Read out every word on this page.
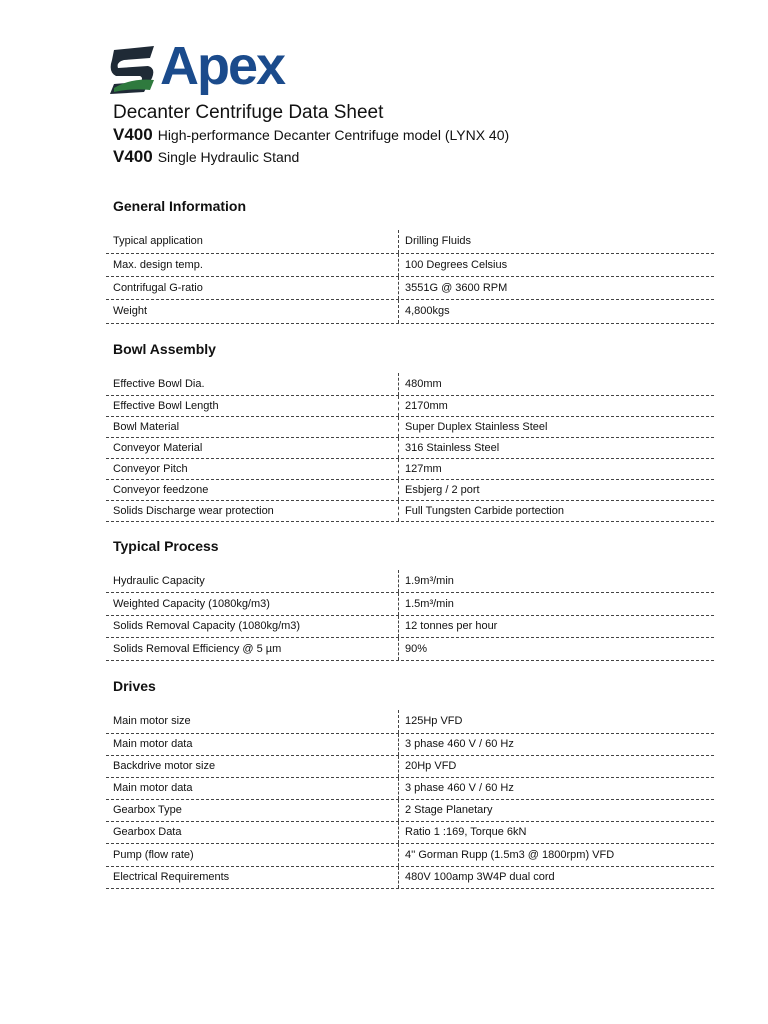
Apex
Decanter Centrifuge Data Sheet
V400 High-performance Decanter Centrifuge model (LYNX 40)
V400 Single Hydraulic Stand
General Information
Typical application	Drilling Fluids
Max. design temp.	100 Degrees Celsius
Contrifugal G-ratio	3551G @ 3600 RPM
Weight	4,800kgs
Bowl Assembly
Effective Bowl Dia.	480mm
Effective Bowl Length	2170mm
Bowl Material	Super Duplex Stainless Steel
Conveyor Material	316 Stainless Steel
Conveyor Pitch	127mm
Conveyor feedzone	Esbjerg / 2 port
Solids Discharge wear protection	Full Tungsten Carbide portection
Typical Process
Hydraulic Capacity	1.9m³/min
Weighted Capacity (1080kg/m3)	1.5m³/min
Solids Removal Capacity (1080kg/m3)	12 tonnes per hour
Solids Removal Efficiency @ 5 µm	90%
Drives
Main motor size	125Hp VFD
Main motor data	3 phase 460 V / 60 Hz
Backdrive motor size	20Hp VFD
Main motor data	3 phase 460 V / 60 Hz
Gearbox Type	2 Stage Planetary
Gearbox Data	Ratio 1 :169, Torque 6kN
Pump (flow rate)	4'' Gorman Rupp (1.5m3 @ 1800rpm) VFD
Electrical Requirements	480V 100amp 3W4P dual cord
